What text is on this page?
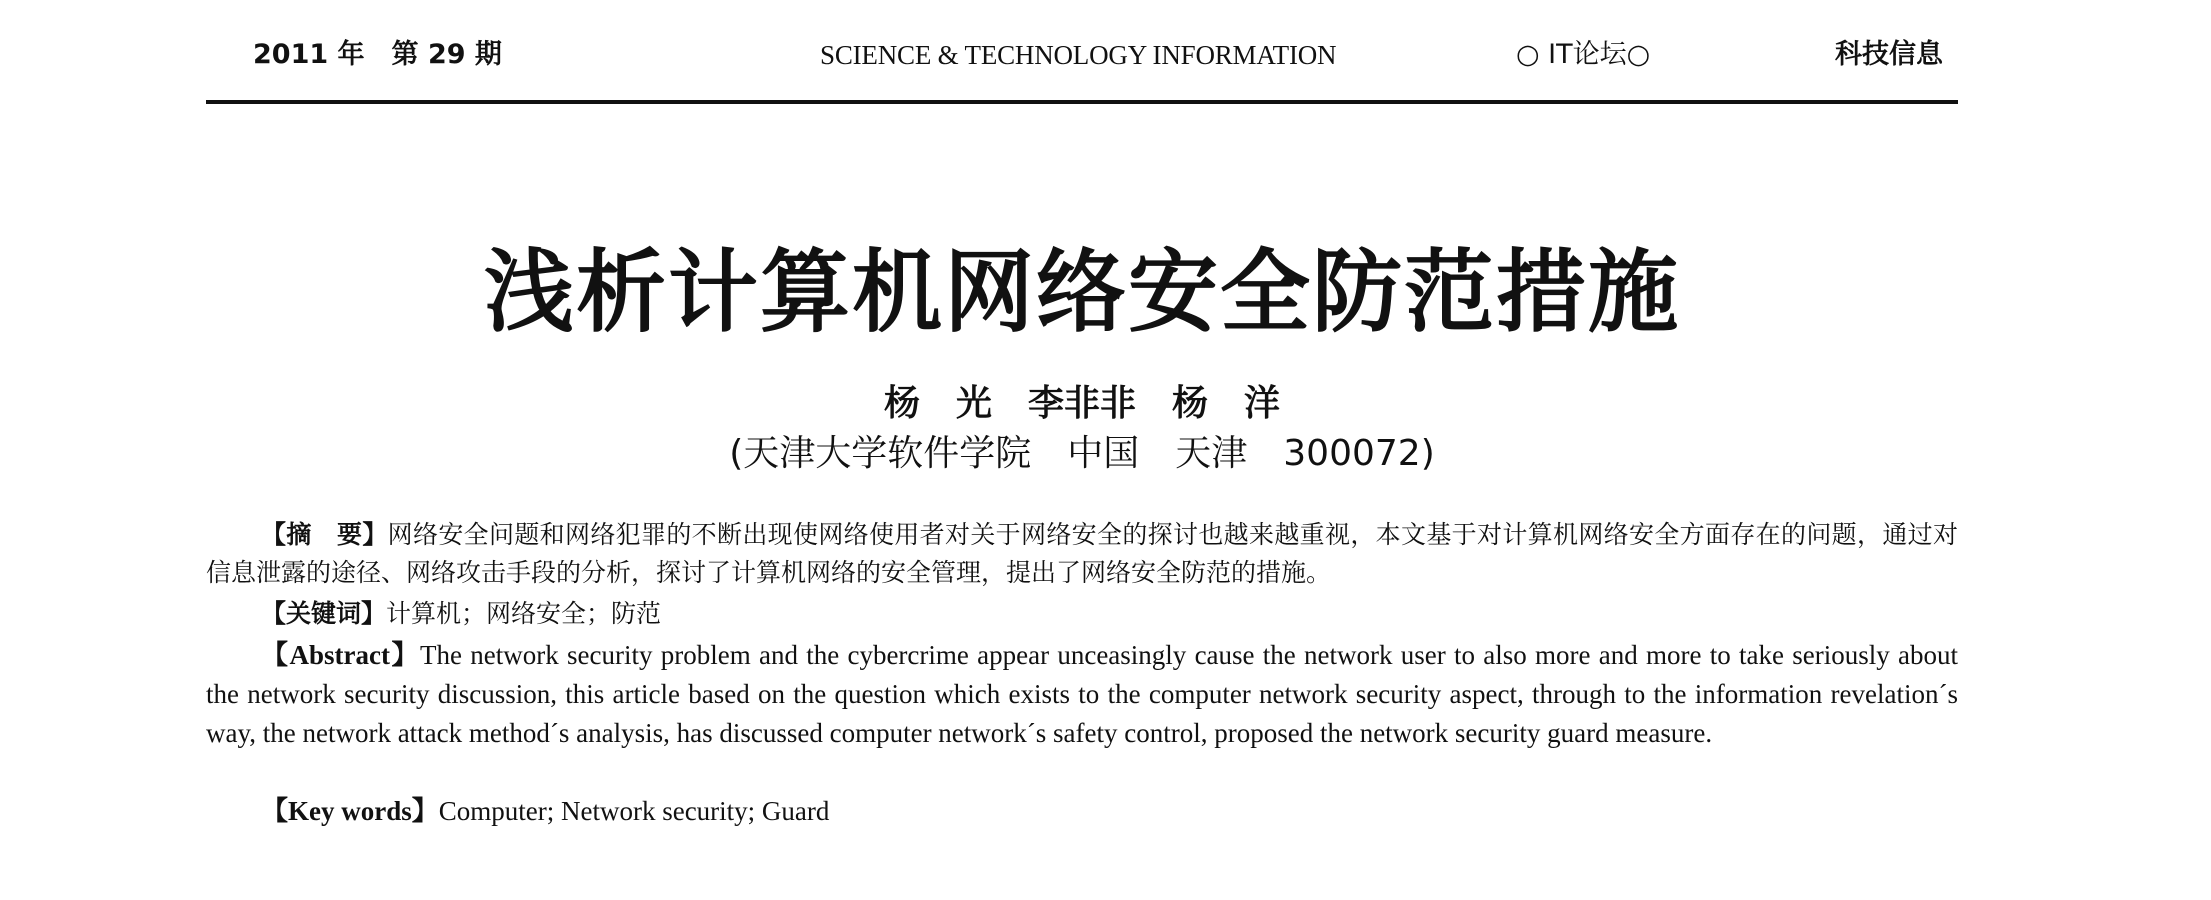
2011 年　第 29 期	SCIENCE & TECHNOLOGY INFORMATION	○ IT论坛○	科技信息
浅析计算机网络安全防范措施
杨　光　李非非　杨　洋
(天津大学软件学院　中国　天津　300072)
【摘　要】网络安全问题和网络犯罪的不断出现使网络使用者对关于网络安全的探讨也越来越重视，本文基于对计算机网络安全方面存在的问题，通过对信息泄露的途径、网络攻击手段的分析，探讨了计算机网络的安全管理，提出了网络安全防范的措施。
【关键词】计算机；网络安全；防范
【Abstract】The network security problem and the cybercrime appear unceasingly cause the network user to also more and more to take seriously about the network security discussion, this article based on the question which exists to the computer network security aspect, through to the information revelation´s way, the network attack method´s analysis, has discussed computer network´s safety control, proposed the network security guard measure.
【Key words】Computer; Network security; Guard
